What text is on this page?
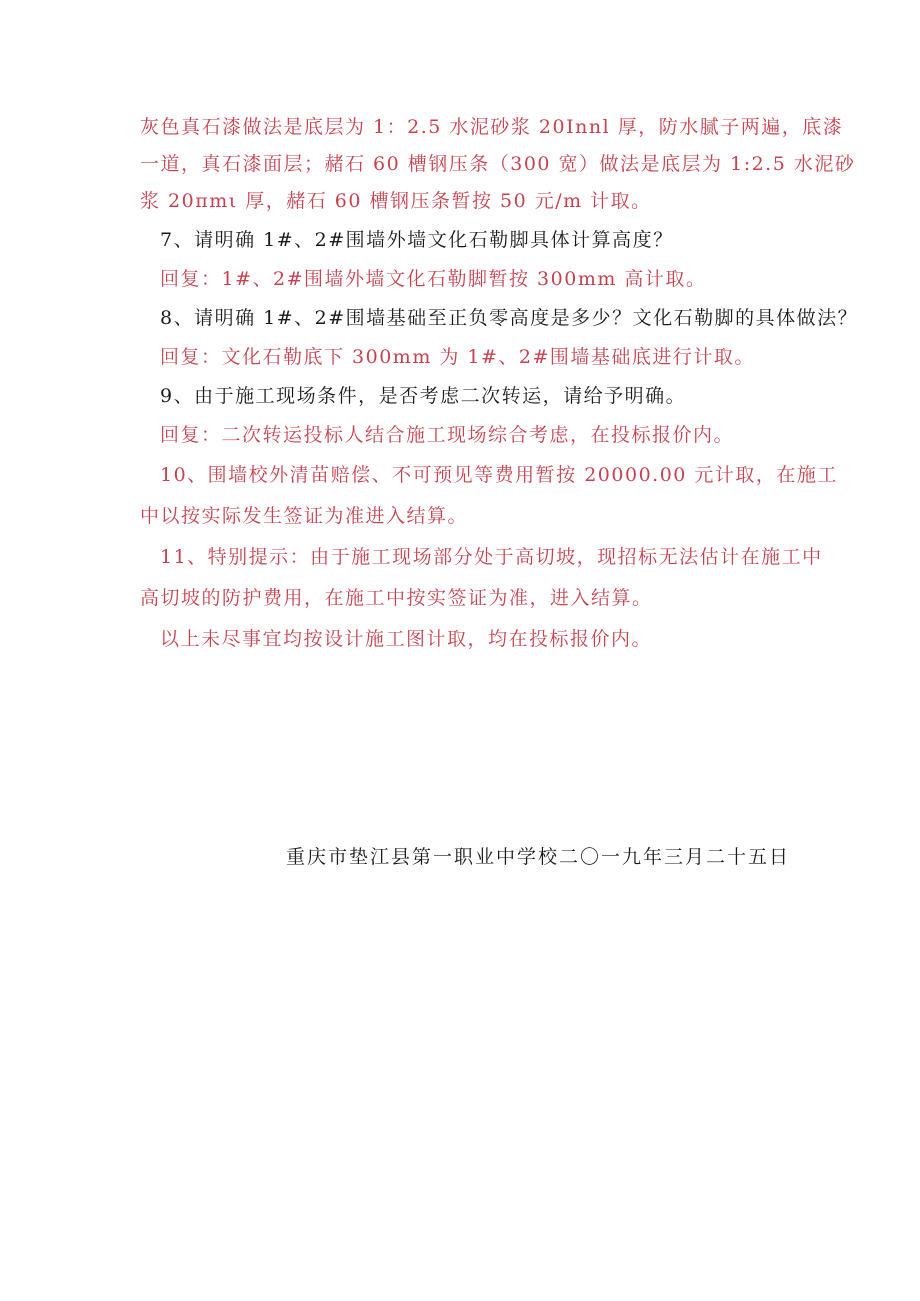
灰色真石漆做法是底层为 1：2.5 水泥砂浆 20Innl 厚，防水腻子两遍，底漆
一道，真石漆面层；赭石 60 槽钢压条（300 宽）做法是底层为 1:2.5 水泥砂
浆 20πmι 厚，赭石 60 槽钢压条暂按 50 元/m 计取。
7、请明确 1#、2#围墙外墙文化石勒脚具体计算高度？
回复：1#、2#围墙外墙文化石勒脚暂按 300mm 高计取。
8、请明确 1#、2#围墙基础至正负零高度是多少？文化石勒脚的具体做法？
回复：文化石勒底下 300mm 为 1#、2#围墙基础底进行计取。
9、由于施工现场条件，是否考虑二次转运，请给予明确。
回复：二次转运投标人结合施工现场综合考虑，在投标报价内。
10、围墙校外清苗赔偿、不可预见等费用暂按 20000.00 元计取，在施工
中以按实际发生签证为准进入结算。
11、特别提示：由于施工现场部分处于高切坡，现招标无法估计在施工中
高切坡的防护费用，在施工中按实签证为准，进入结算。
以上未尽事宜均按设计施工图计取，均在投标报价内。
重庆市垫江县第一职业中学校二〇一九年三月二十五日
